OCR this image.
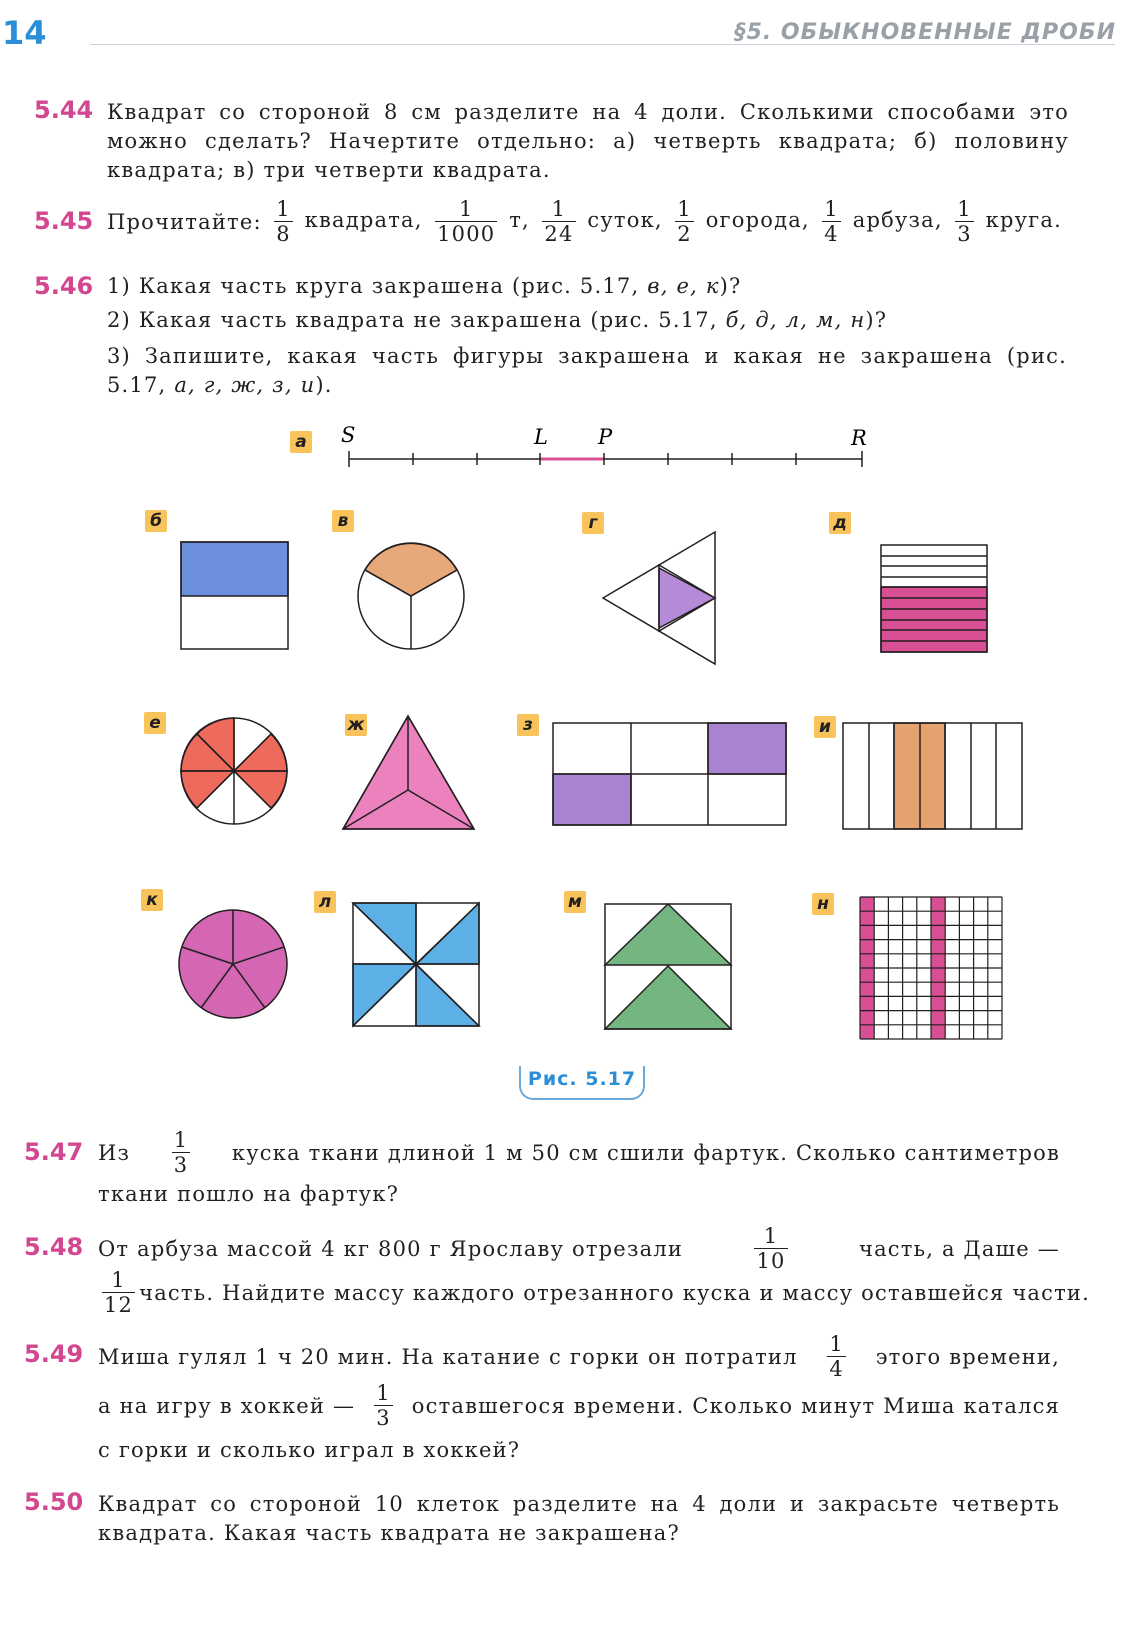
14	§5. ОБЫКНОВЕННЫЕ ДРОБИ
5.44 Квадрат со стороной 8 см разделите на 4 доли. Сколькими способами это можно сделать? Начертите отдельно: а) четверть квадрата; б) половину квадрата; в) три четверти квадрата.
5.45 Прочитайте: $\frac{1}{8}$ квадрата, $\frac{1}{1000} т$, $\frac{1}{24}$ суток, $\frac{1}{2}$ огорода, $\frac{1}{4}$ арбуза, $\frac{1}{3}$ круга.
5.46 1) Какая часть круга закрашена (рис. 5.17, в, е, к)?
2) Какая часть квадрата не закрашена (рис. 5.17, б, д, л, м, н)?
3) Запишите, какая часть фигуры закрашена и какая не закрашена (рис. 5.17, а, г, ж, з, и).
а
б	в	г	д
е	ж	з	и
к	л	м	н
S	L P	R
Рис. 5.17
5.47 Из $\frac{1}{3}$ куска ткани длиной 1 м 50 см сшили фартук. Сколько сантиметров
ткани пошло на фартук?
5.48 От арбуза массой 4 кг 800 г Ярославу отрезали	$\frac{1}{10}$	часть, а Даше —
$\frac{1}{12}$ часть. Найдите массу каждого отрезанного куска и массу оставшейся части.
5.49 Миша гулял 1 ч 20 мин. На катание с горки он потратил $\frac{1}{4}$ этого времени,
а на игру в хоккей — $\frac{1}{3}$ оставшегося времени. Сколько минут Миша катался
с горки и сколько играл в хоккей?
5.50 Квадрат со стороной 10 клеток разделите на 4 доли и закрасьте четверть квадрата. Какая часть квадрата не закрашена?
